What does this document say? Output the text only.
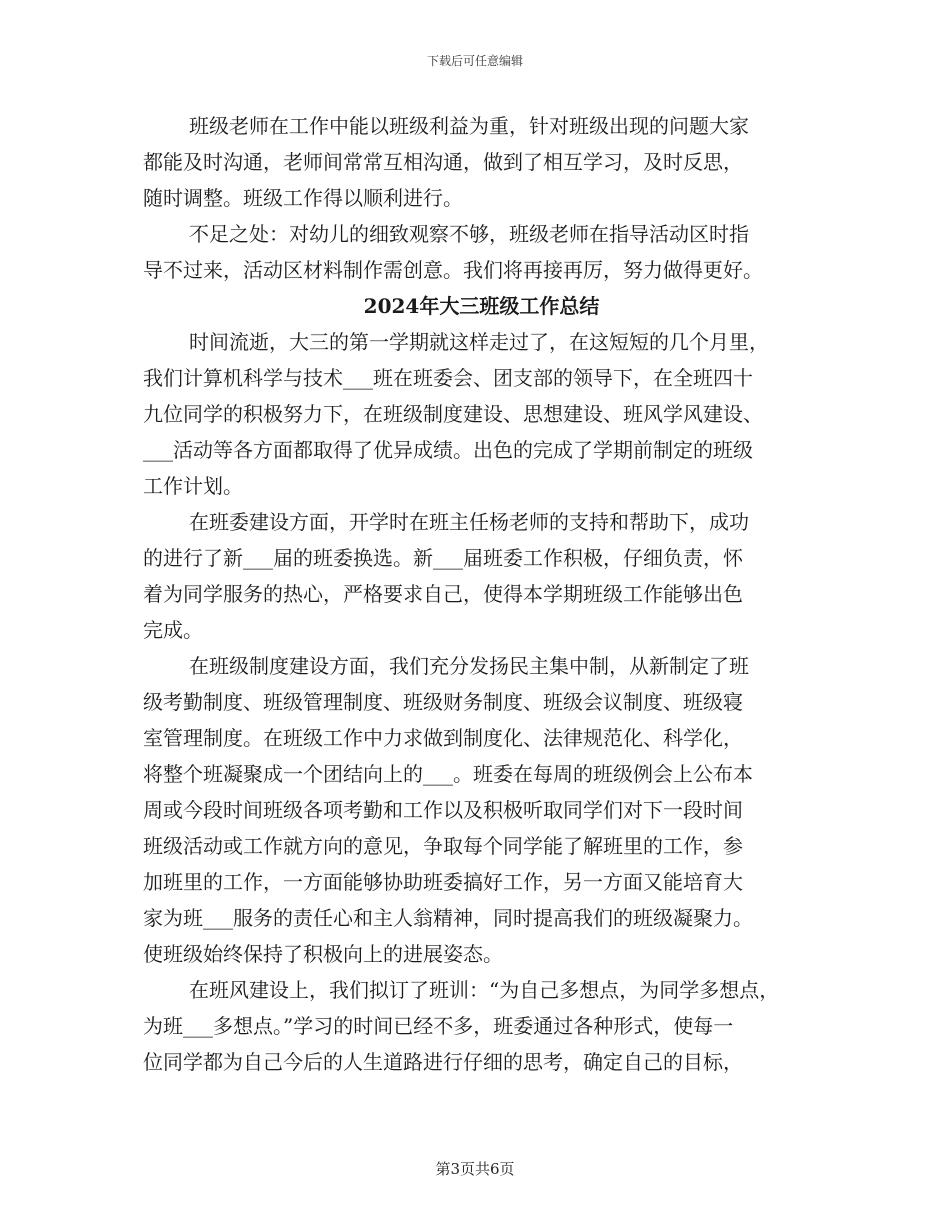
下载后可任意编辑
班级老师在工作中能以班级利益为重，针对班级出现的问题大家
都能及时沟通，老师间常常互相沟通，做到了相互学习，及时反思，
随时调整。班级工作得以顺利进行。
不足之处：对幼儿的细致观察不够，班级老师在指导活动区时指
导不过来，活动区材料制作需创意。我们将再接再厉，努力做得更好。
2024年大三班级工作总结
时间流逝，大三的第一学期就这样走过了，在这短短的几个月里，
我们计算机科学与技术___班在班委会、团支部的领导下，在全班四十
九位同学的积极努力下，在班级制度建设、思想建设、班风学风建设、
___活动等各方面都取得了优异成绩。出色的完成了学期前制定的班级
工作计划。
在班委建设方面，开学时在班主任杨老师的支持和帮助下，成功
的进行了新___届的班委换选。新___届班委工作积极，仔细负责，怀
着为同学服务的热心，严格要求自己，使得本学期班级工作能够出色
完成。
在班级制度建设方面，我们充分发扬民主集中制，从新制定了班
级考勤制度、班级管理制度、班级财务制度、班级会议制度、班级寝
室管理制度。在班级工作中力求做到制度化、法律规范化、科学化，
将整个班凝聚成一个团结向上的___。班委在每周的班级例会上公布本
周或今段时间班级各项考勤和工作以及积极听取同学们对下一段时间
班级活动或工作就方向的意见，争取每个同学能了解班里的工作，参
加班里的工作，一方面能够协助班委搞好工作，另一方面又能培育大
家为班___服务的责任心和主人翁精神，同时提高我们的班级凝聚力。
使班级始终保持了积极向上的进展姿态。
在班风建设上，我们拟订了班训：“为自己多想点，为同学多想点，
为班___多想点。”学习的时间已经不多，班委通过各种形式，使每一
位同学都为自己今后的人生道路进行仔细的思考，确定自己的目标，
第3页共6页
